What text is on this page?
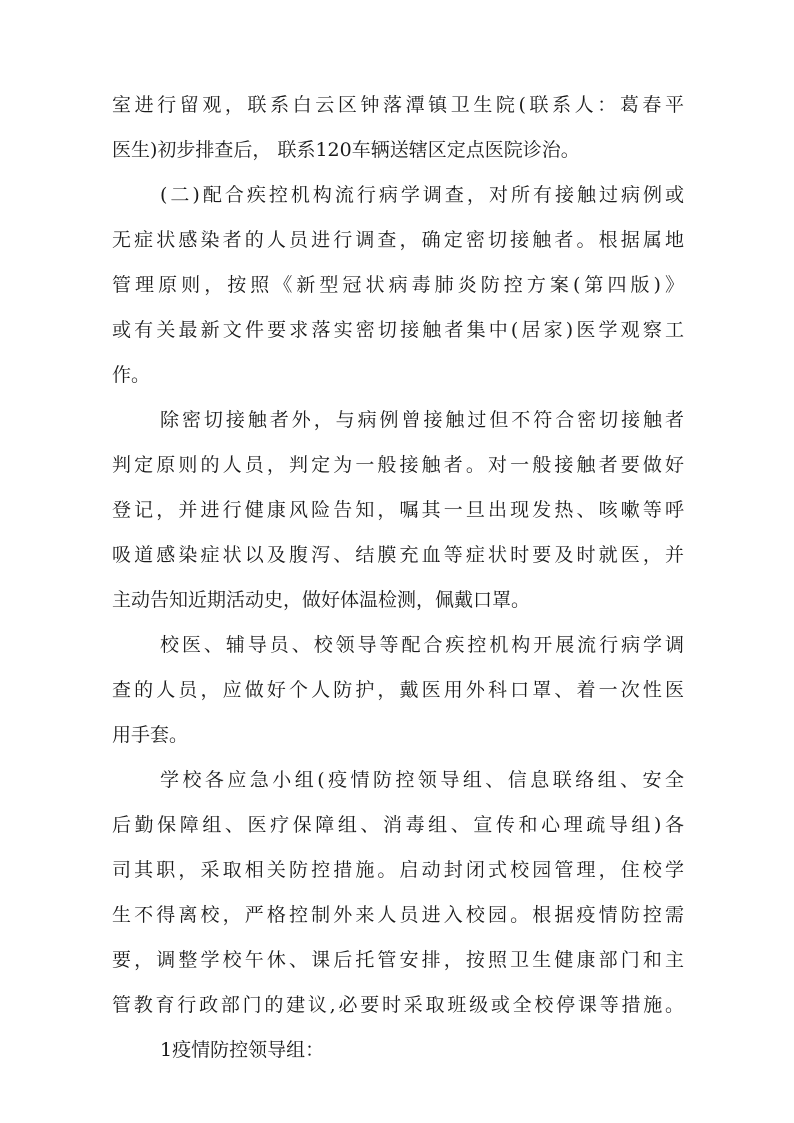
室进行留观，联系白云区钟落潭镇卫生院(联系人：葛春平
医生)初步排查后， 联系120车辆送辖区定点医院诊治。
(二)配合疾控机构流行病学调查，对所有接触过病例或
无症状感染者的人员进行调查，确定密切接触者。根据属地
管理原则，按照《新型冠状病毒肺炎防控方案(第四版)》
或有关最新文件要求落实密切接触者集中(居家)医学观察工
作。
除密切接触者外，与病例曾接触过但不符合密切接触者
判定原则的人员，判定为一般接触者。对一般接触者要做好
登记，并进行健康风险告知，嘱其一旦出现发热、咳嗽等呼
吸道感染症状以及腹泻、结膜充血等症状时要及时就医，并
主动告知近期活动史，做好体温检测，佩戴口罩。
校医、辅导员、校领导等配合疾控机构开展流行病学调
查的人员，应做好个人防护，戴医用外科口罩、着一次性医
用手套。
学校各应急小组(疫情防控领导组、信息联络组、安全
后勤保障组、医疗保障组、消毒组、宣传和心理疏导组)各
司其职，采取相关防控措施。启动封闭式校园管理，住校学
生不得离校，严格控制外来人员进入校园。根据疫情防控需
要，调整学校午休、课后托管安排，按照卫生健康部门和主
管教育行政部门的建议,必要时采取班级或全校停课等措施。
1疫情防控领导组：
